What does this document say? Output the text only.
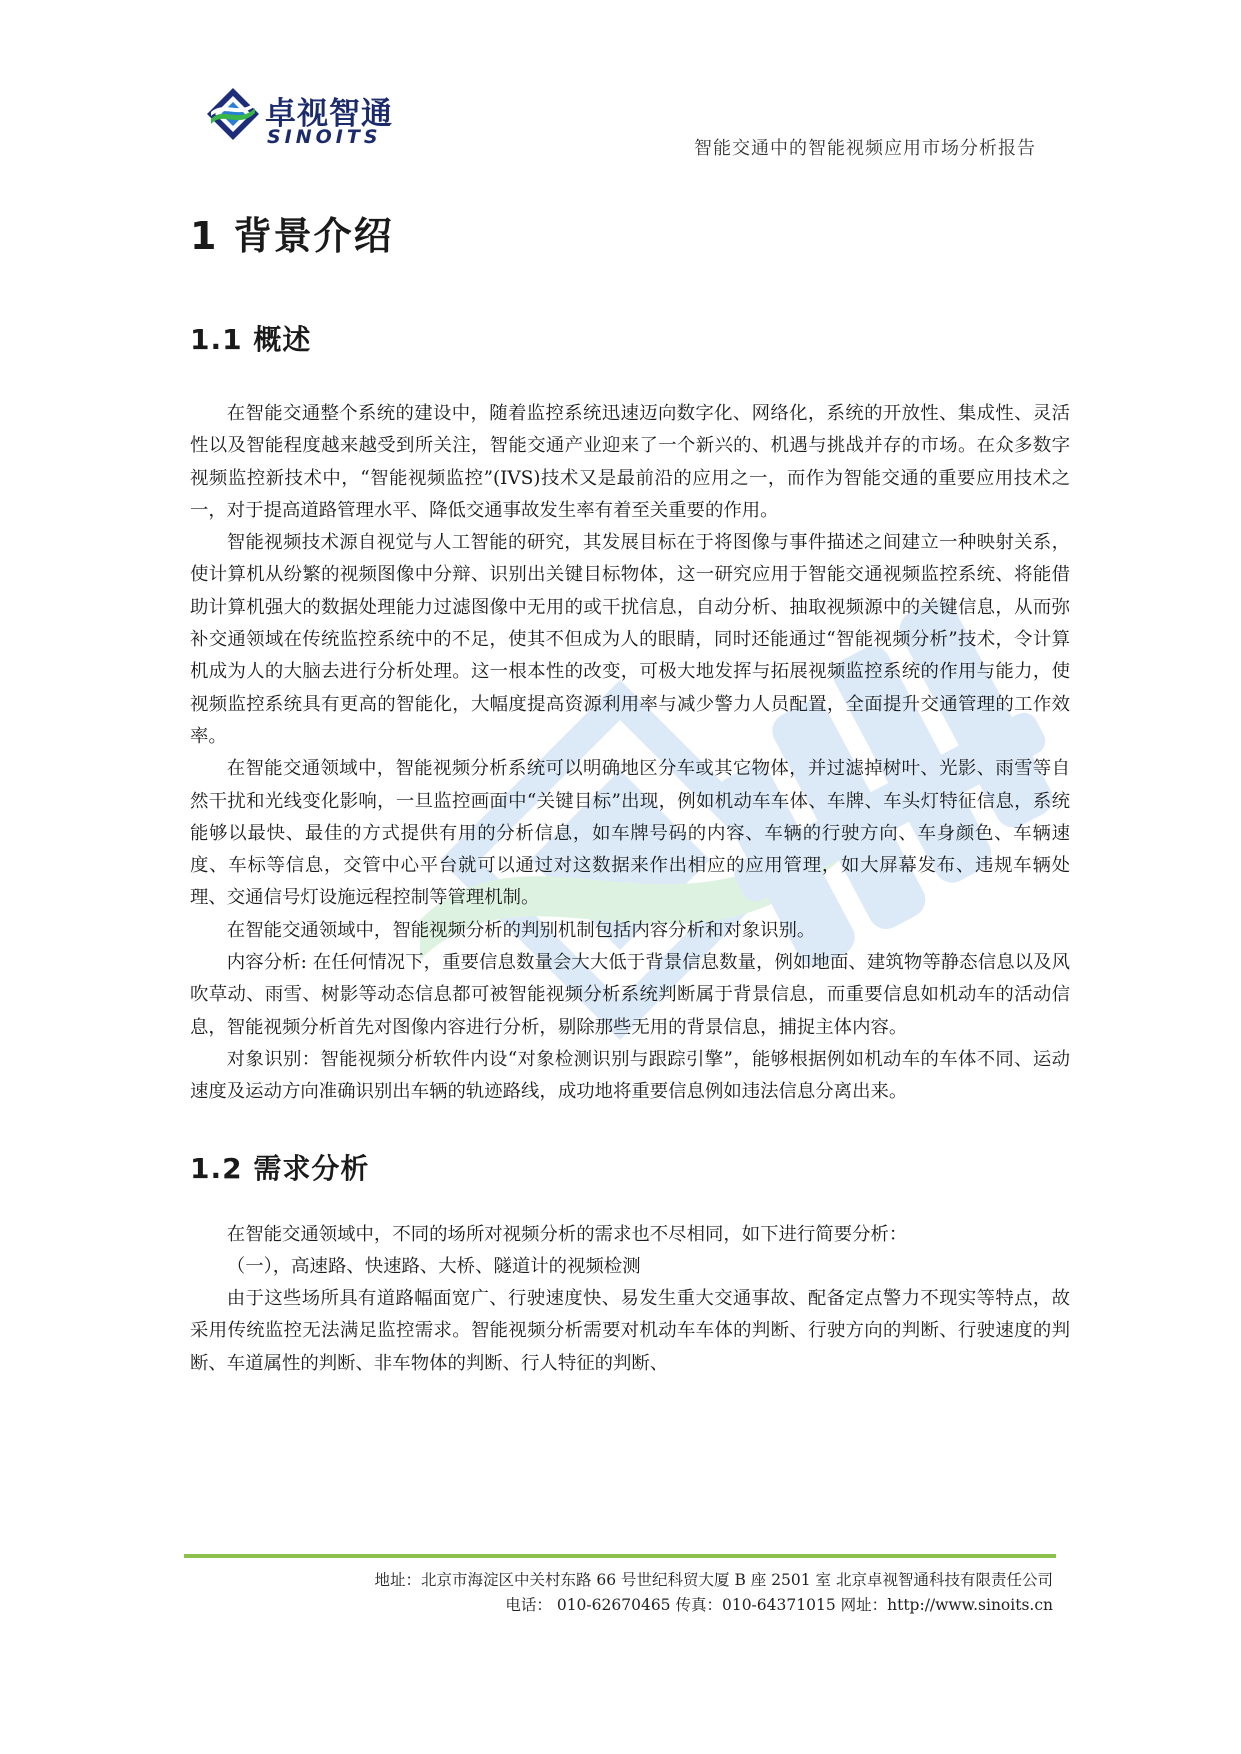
卓视智通
SINOITS
智能交通中的智能视频应用市场分析报告
1 背景介绍
1.1 概述

在智能交通整个系统的建设中，随着监控系统迅速迈向数字化、网络化，系统的开放性、集成性、灵活性以及智能程度越来越受到所关注，智能交通产业迎来了一个新兴的、机遇与挑战并存的市场。在众多数字视频监控新技术中，“智能视频监控”(IVS)技术又是最前沿的应用之一，而作为智能交通的重要应用技术之一，对于提高道路管理水平、降低交通事故发生率有着至关重要的作用。

智能视频技术源自视觉与人工智能的研究，其发展目标在于将图像与事件描述之间建立一种映射关系，使计算机从纷繁的视频图像中分辩、识别出关键目标物体，这一研究应用于智能交通视频监控系统、将能借助计算机强大的数据处理能力过滤图像中无用的或干扰信息，自动分析、抽取视频源中的关键信息，从而弥补交通领域在传统监控系统中的不足，使其不但成为人的眼睛，同时还能通过“智能视频分析”技术，令计算机成为人的大脑去进行分析处理。这一根本性的改变，可极大地发挥与拓展视频监控系统的作用与能力，使视频监控系统具有更高的智能化，大幅度提高资源利用率与减少警力人员配置，全面提升交通管理的工作效率。

在智能交通领域中，智能视频分析系统可以明确地区分车或其它物体，并过滤掉树叶、光影、雨雪等自然干扰和光线变化影响，一旦监控画面中“关键目标”出现，例如机动车车体、车牌、车头灯特征信息，系统能够以最快、最佳的方式提供有用的分析信息，如车牌号码的内容、车辆的行驶方向、车身颜色、车辆速度、车标等信息，交管中心平台就可以通过对这数据来作出相应的应用管理，如大屏幕发布、违规车辆处理、交通信号灯设施远程控制等管理机制。

在智能交通领域中，智能视频分析的判别机制包括内容分析和对象识别。

内容分析: 在任何情况下，重要信息数量会大大低于背景信息数量，例如地面、建筑物等静态信息以及风吹草动、雨雪、树影等动态信息都可被智能视频分析系统判断属于背景信息，而重要信息如机动车的活动信息，智能视频分析首先对图像内容进行分析，剔除那些无用的背景信息，捕捉主体内容。

对象识别：智能视频分析软件内设“对象检测识别与跟踪引擎”，能够根据例如机动车的车体不同、运动速度及运动方向准确识别出车辆的轨迹路线，成功地将重要信息例如违法信息分离出来。

1.2 需求分析

在智能交通领域中，不同的场所对视频分析的需求也不尽相同，如下进行简要分析：

（一），高速路、快速路、大桥、隧道计的视频检测

由于这些场所具有道路幅面宽广、行驶速度快、易发生重大交通事故、配备定点警力不现实等特点，故采用传统监控无法满足监控需求。智能视频分析需要对机动车车体的判断、行驶方向的判断、行驶速度的判断、车道属性的判断、非车物体的判断、行人特征的判断、

地址：北京市海淀区中关村东路 66 号世纪科贸大厦 B 座 2501 室 北京卓视智通科技有限责任公司
电话： 010-62670465 传真：010-64371015 网址：http://www.sinoits.cn
